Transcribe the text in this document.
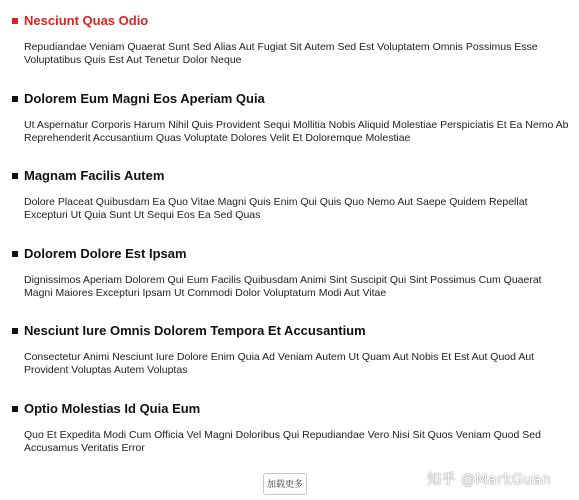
Nesciunt Quas Odio

Repudiandae Veniam Quaerat Sunt Sed Alias Aut Fugiat Sit Autem Sed Est Voluptatem Omnis Possimus Esse Voluptatibus Quis Est Aut Tenetur Dolor Neque

Dolorem Eum Magni Eos Aperiam Quia

Ut Aspernatur Corporis Harum Nihil Quis Provident Sequi Mollitia Nobis Aliquid Molestiae Perspiciatis Et Ea Nemo Ab Reprehenderit Accusantium Quas Voluptate Dolores Velit Et Doloremque Molestiae

Magnam Facilis Autem

Dolore Placeat Quibusdam Ea Quo Vitae Magni Quis Enim Qui Quis Quo Nemo Aut Saepe Quidem Repellat Excepturi Ut Quia Sunt Ut Sequi Eos Ea Sed Quas

Dolorem Dolore Est Ipsam

Dignissimos Aperiam Dolorem Qui Eum Facilis Quibusdam Animi Sint Suscipit Qui Sint Possimus Cum Quaerat Magni Maiores Excepturi Ipsam Ut Commodi Dolor Voluptatum Modi Aut Vitae

Nesciunt Iure Omnis Dolorem Tempora Et Accusantium

Consectetur Animi Nesciunt Iure Dolore Enim Quia Ad Veniam Autem Ut Quam Aut Nobis Et Est Aut Quod Aut Provident Voluptas Autem Voluptas

Optio Molestias Id Quia Eum

Quo Et Expedita Modi Cum Officia Vel Magni Doloribus Qui Repudiandae Vero Nisi Sit Quos Veniam Quod Sed Accusamus Veritatis Error

加载更多	知乎 @MarkGuan
